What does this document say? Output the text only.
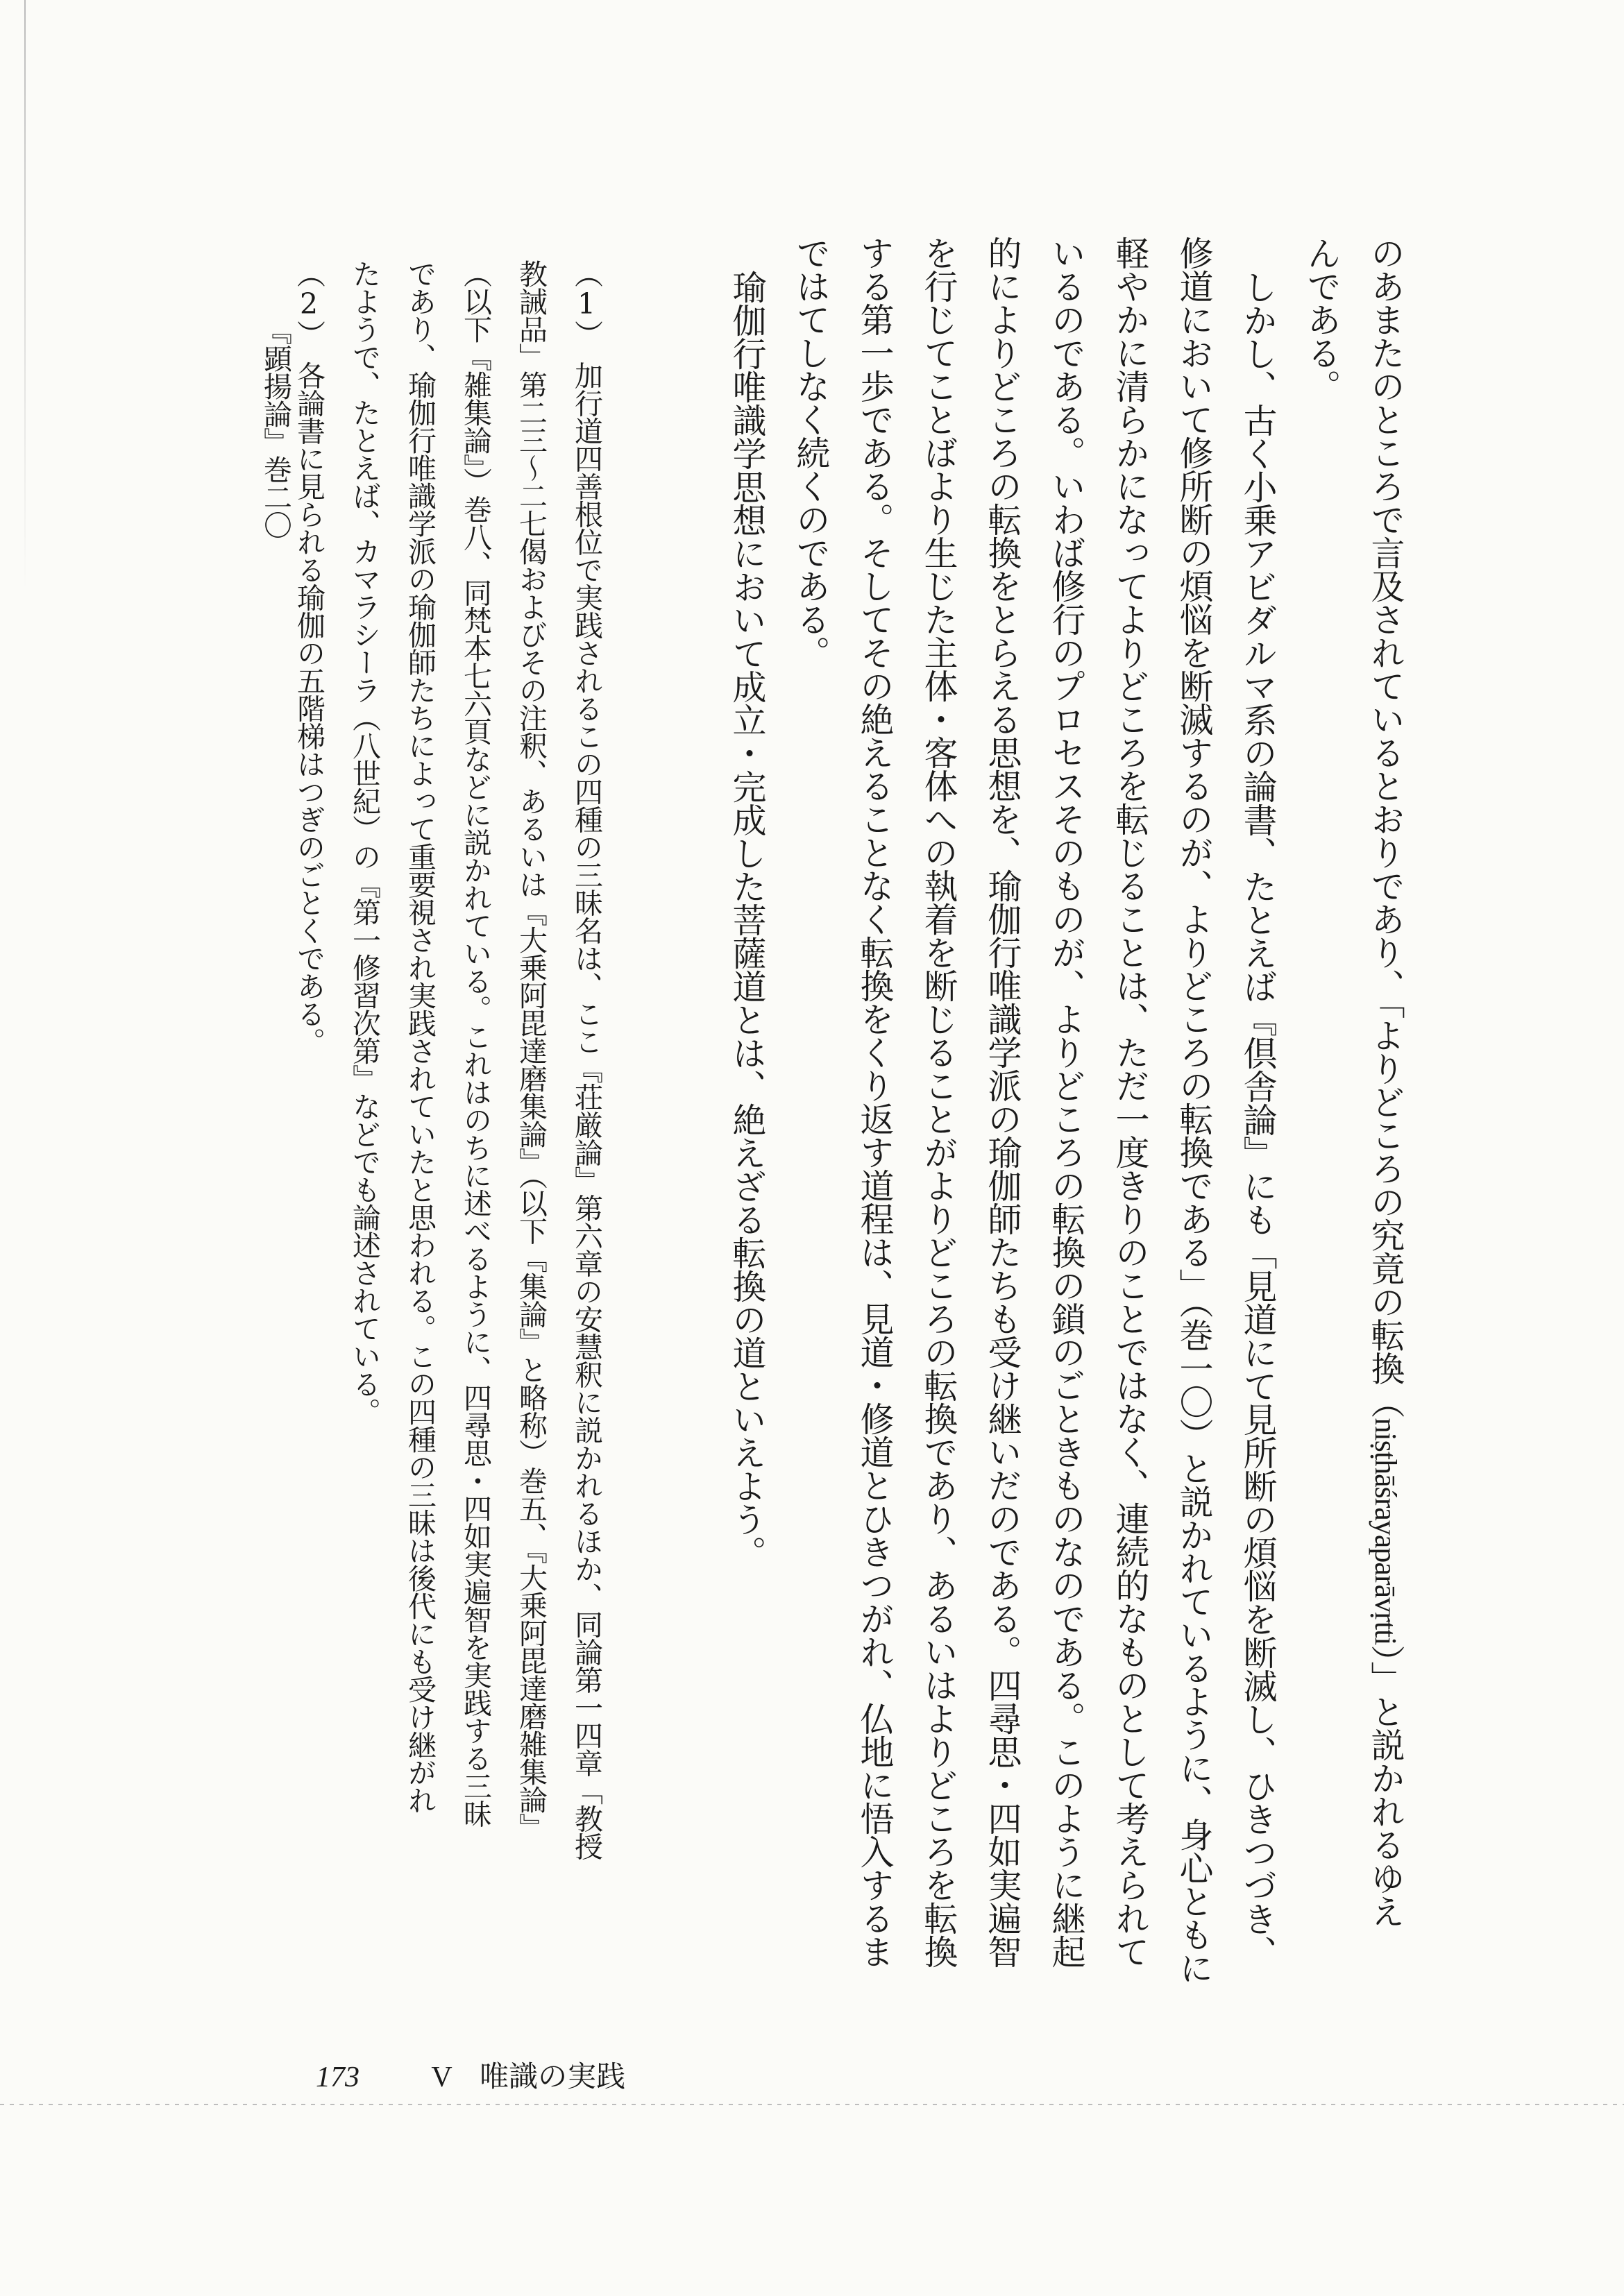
のあまたのところで言及されているとおりであり、「よりどころの究竟の転換（niṣṭhāśrayaparāvṛtti）」と説かれるゆえ
んである。
しかし、古く小乗アビダルマ系の論書、たとえば『倶舎論』にも「見道にて見所断の煩悩を断滅し、ひきつづき、
修道において修所断の煩悩を断滅するのが、よりどころの転換である」（巻一〇）と説かれているように、身心ともに
軽やかに清らかになってよりどころを転じることは、ただ一度きりのことではなく、連続的なものとして考えられて
いるのである。いわば修行のプロセスそのものが、よりどころの転換の鎖のごときものなのである。このように継起
的によりどころの転換をとらえる思想を、瑜伽行唯識学派の瑜伽師たちも受け継いだのである。四尋思・四如実遍智
を行じてことばより生じた主体・客体への執着を断じることがよりどころの転換であり、あるいはよりどころを転換
する第一歩である。そしてその絶えることなく転換をくり返す道程は、見道・修道とひきつがれ、仏地に悟入するま
ではてしなく続くのである。
瑜伽行唯識学思想において成立・完成した菩薩道とは、絶えざる転換の道といえよう。
（1）　加行道四善根位で実践されるこの四種の三昧名は、ここ『荘厳論』第六章の安慧釈に説かれるほか、同論第一四章「教授
教誡品」第二三～二七偈およびその注釈、あるいは『大乗阿毘達磨集論』（以下『集論』と略称）巻五、『大乗阿毘達磨雑集論』
（以下『雑集論』）巻八、同梵本七六頁などに説かれている。これはのちに述べるように、四尋思・四如実遍智を実践する三昧
であり、瑜伽行唯識学派の瑜伽師たちによって重要視され実践されていたと思われる。この四種の三昧は後代にも受け継がれ
たようで、たとえば、カマラシーラ（八世紀）の『第一修習次第』などでも論述されている。
（2）　各論書に見られる瑜伽の五階梯はつぎのごとくである。
『顕揚論』巻二〇
173 V 唯識の実践
